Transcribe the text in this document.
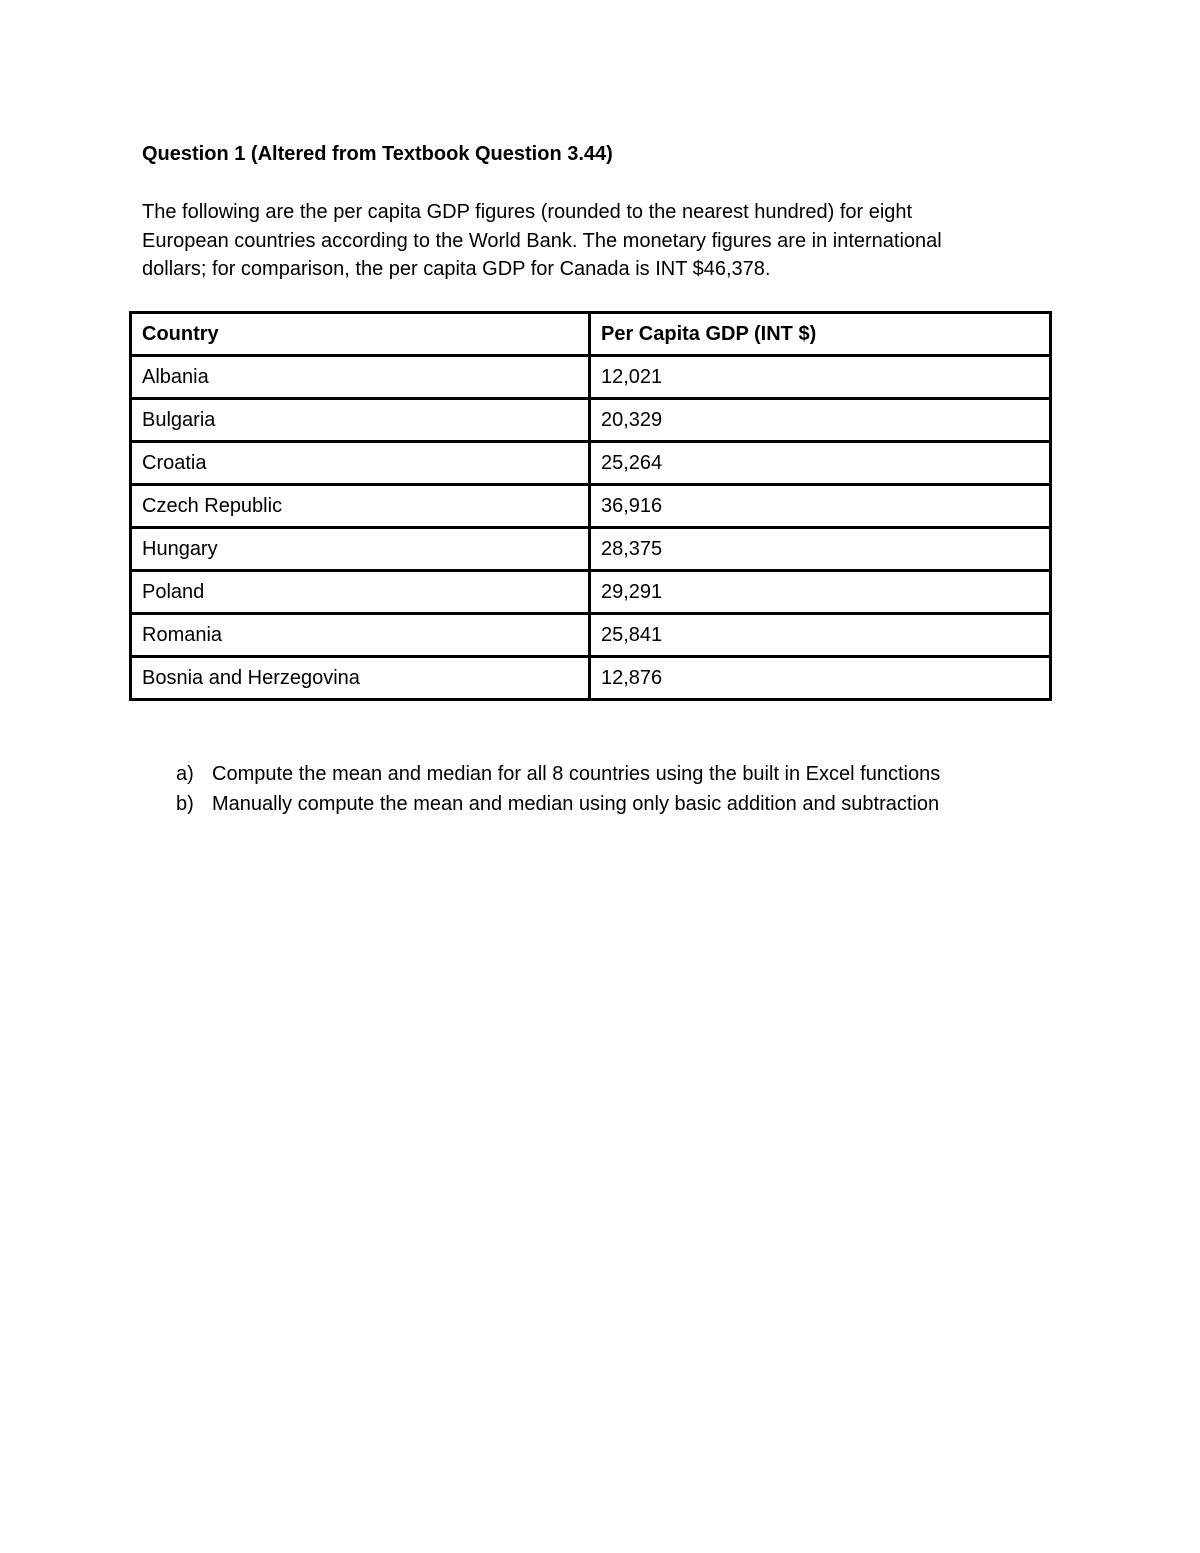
Question 1 (Altered from Textbook Question 3.44)

The following are the per capita GDP figures (rounded to the nearest hundred) for eight

European countries according to the World Bank. The monetary figures are in international

dollars; for comparison, the per capita GDP for Canada is INT $46,378.

Country	Per Capita GDP (INT $)
Albania	12,021
Bulgaria	20,329
Croatia	25,264
Czech Republic	36,916
Hungary	28,375
Poland	29,291
Romania	25,841
Bosnia and Herzegovina	12,876
a) Compute the mean and median for all 8 countries using the built in Excel functions
b) Manually compute the mean and median using only basic addition and subtraction
